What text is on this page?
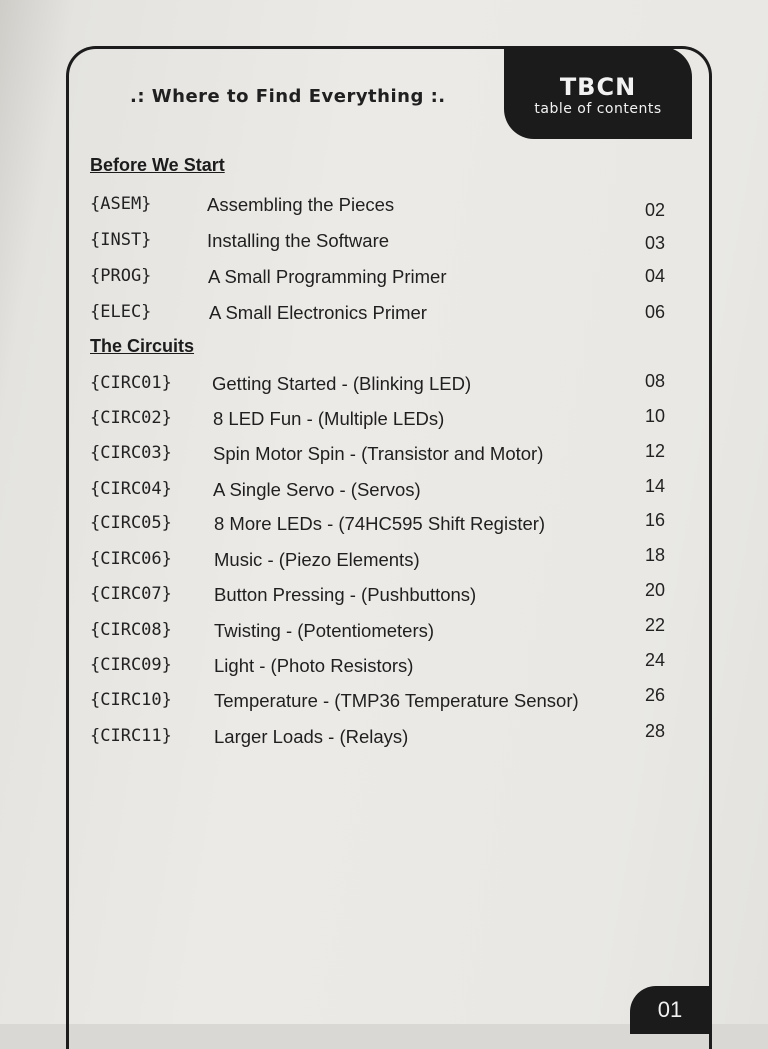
TBCN
table of contents
.: Where to Find Everything :.
Before We Start
{ASEM}	Assembling the Pieces	02
{INST}	Installing the Software	03
{PROG}	A Small Programming Primer	04
{ELEC}	A Small Electronics Primer	06
The Circuits
{CIRC01} Getting Started - (Blinking LED)	08
{CIRC02} 8 LED Fun - (Multiple LEDs)	10
{CIRC03} Spin Motor Spin - (Transistor and Motor)	12
{CIRC04} A Single Servo - (Servos)	14
{CIRC05} 8 More LEDs - (74HC595 Shift Register)	16
{CIRC06} Music - (Piezo Elements)	18
{CIRC07} Button Pressing - (Pushbuttons)	20
{CIRC08} Twisting - (Potentiometers)	22
{CIRC09} Light - (Photo Resistors)	24
{CIRC10} Temperature - (TMP36 Temperature Sensor)	26
{CIRC11} Larger Loads - (Relays)	28
01
